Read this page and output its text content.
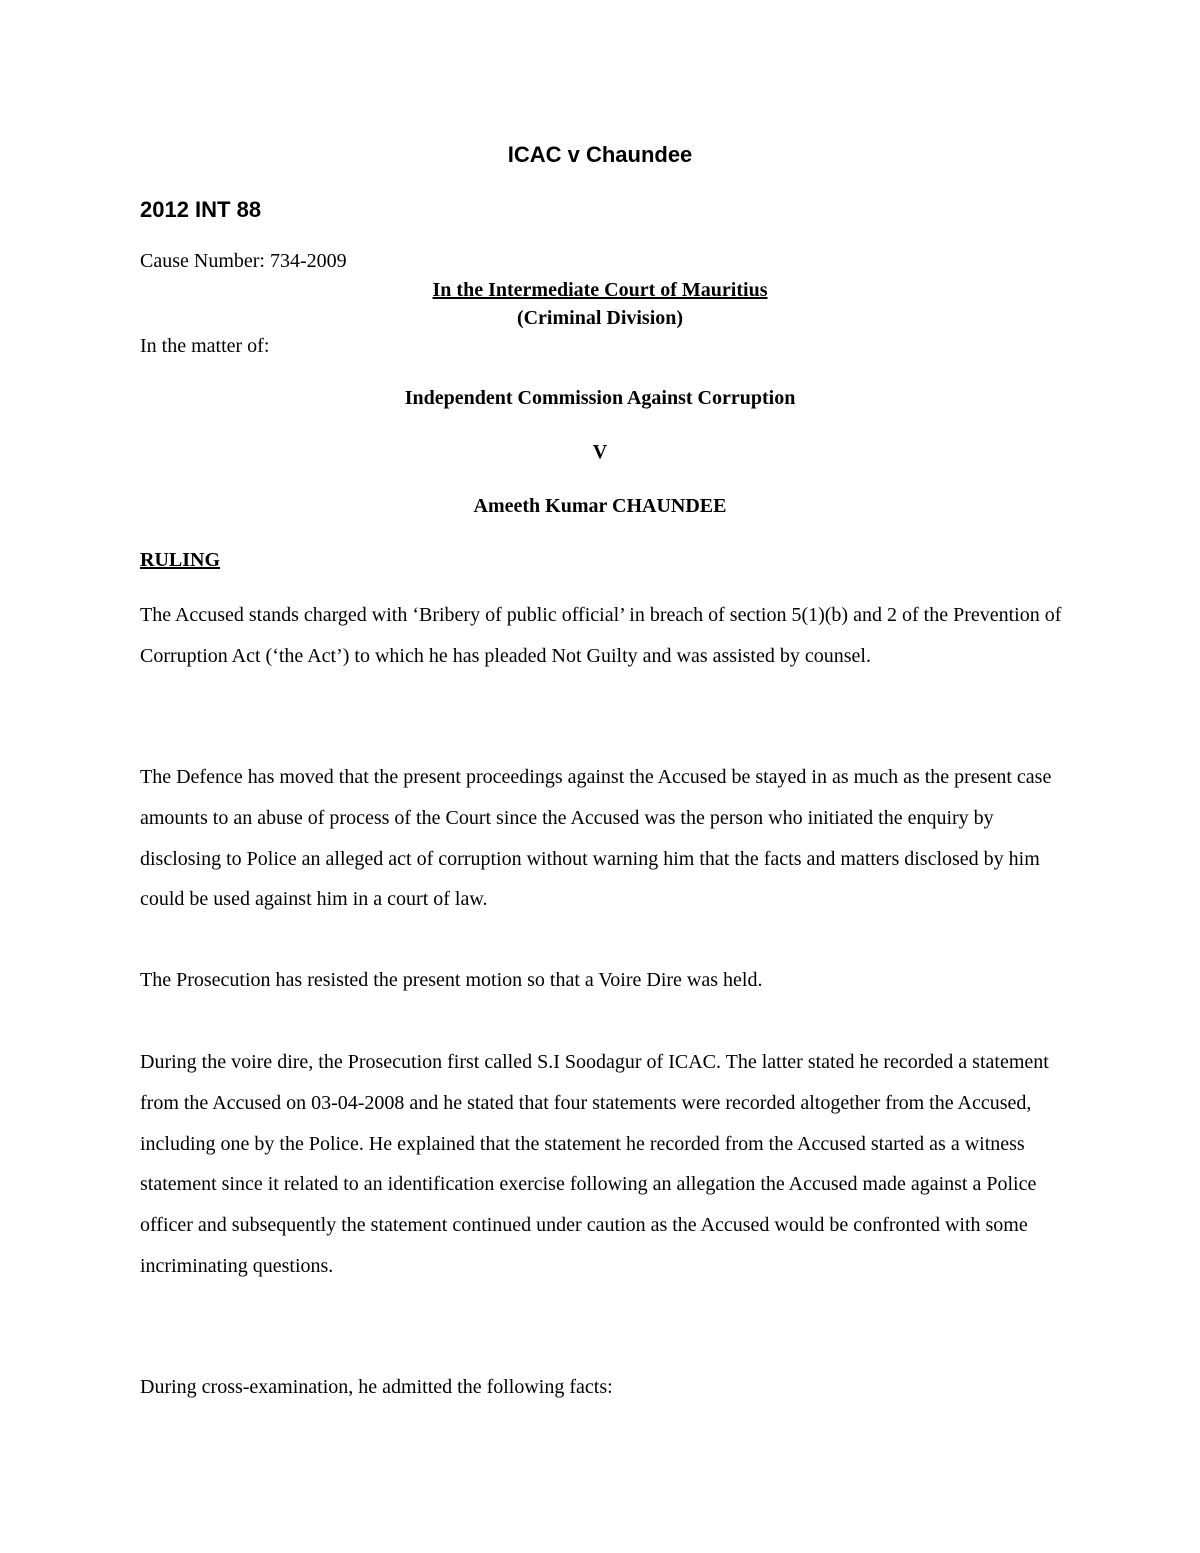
ICAC v Chaundee
2012 INT 88
Cause Number: 734-2009
In the Intermediate Court of Mauritius
(Criminal Division)
In the matter of:
Independent Commission Against Corruption
V
Ameeth Kumar CHAUNDEE
RULING

The Accused stands charged with ‘Bribery of public official’ in breach of section 5(1)(b) and 2 of the Prevention of Corruption Act (‘the Act’) to which he has pleaded Not Guilty and was assisted by counsel.

The Defence has moved that the present proceedings against the Accused be stayed in as much as the present case amounts to an abuse of process of the Court since the Accused was the person who initiated the enquiry by disclosing to Police an alleged act of corruption without warning him that the facts and matters disclosed by him could be used against him in a court of law.

The Prosecution has resisted the present motion so that a Voire Dire was held.

During the voire dire, the Prosecution first called S.I Soodagur of ICAC. The latter stated he recorded a statement from the Accused on 03-04-2008 and he stated that four statements were recorded altogether from the Accused, including one by the Police. He explained that the statement he recorded from the Accused started as a witness statement since it related to an identification exercise following an allegation the Accused made against a Police officer and subsequently the statement continued under caution as the Accused would be confronted with some incriminating questions.

During cross-examination, he admitted the following facts:
